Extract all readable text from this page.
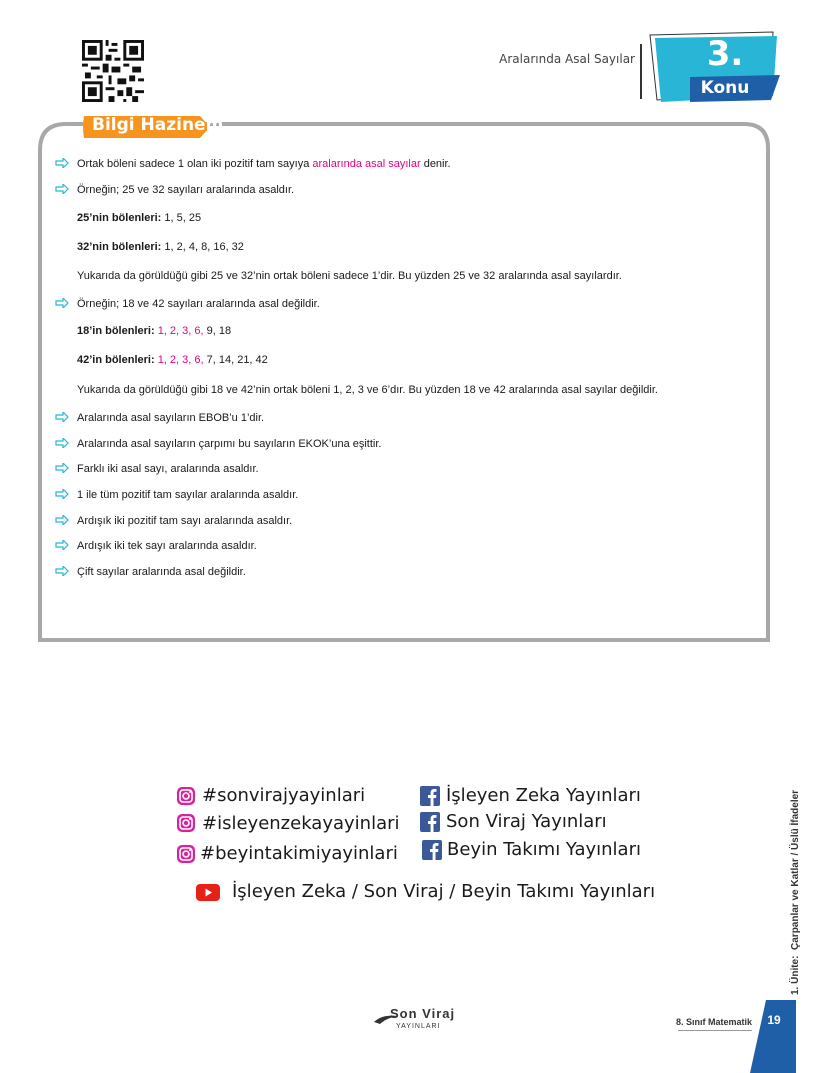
Aralarında Asal Sayılar 3.
Konu
Bilgi Hazinem
Ortak böleni sadece 1 olan iki pozitif tam sayıya aralarında asal sayılar denir.
Örneğin; 25 ve 32 sayıları aralarında asaldır.
25’nin bölenleri: 1, 5, 25
32’nin bölenleri: 1, 2, 4, 8, 16, 32
Yukarıda da görüldüğü gibi 25 ve 32’nin ortak böleni sadece 1’dir. Bu yüzden 25 ve 32 aralarında asal sayılardır.
Örneğin; 18 ve 42 sayıları aralarında asal değildir.
18’in bölenleri: 1, 2, 3, 6, 9, 18
42’in bölenleri: 1, 2, 3, 6, 7, 14, 21, 42
Yukarıda da görüldüğü gibi 18 ve 42’nin ortak böleni 1, 2, 3 ve 6’dır. Bu yüzden 18 ve 42 aralarında asal sayılar değildir.
Aralarında asal sayıların EBOB’u 1’dir.
Aralarında asal sayıların çarpımı bu sayıların EKOK’una eşittir.
Farklı iki asal sayı, aralarında asaldır.
1 ile tüm pozitif tam sayılar aralarında asaldır.
Ardışık iki pozitif tam sayı aralarında asaldır.
Ardışık iki tek sayı aralarında asaldır.
Çift sayılar aralarında asal değildir.
#sonvirajyayinlari
#isleyenzekayayinlari
#beyintakimiyayinlari
İşleyen Zeka Yayınları
Son Viraj Yayınları
Beyin Takımı Yayınları
İşleyen Zeka / Son Viraj / Beyin Takımı Yayınları
Son Viraj
YAYINLARI	8. Sınıf Matematik	19
1. Ünite:  Çarpanlar ve Katlar / Üslü İfadeler
